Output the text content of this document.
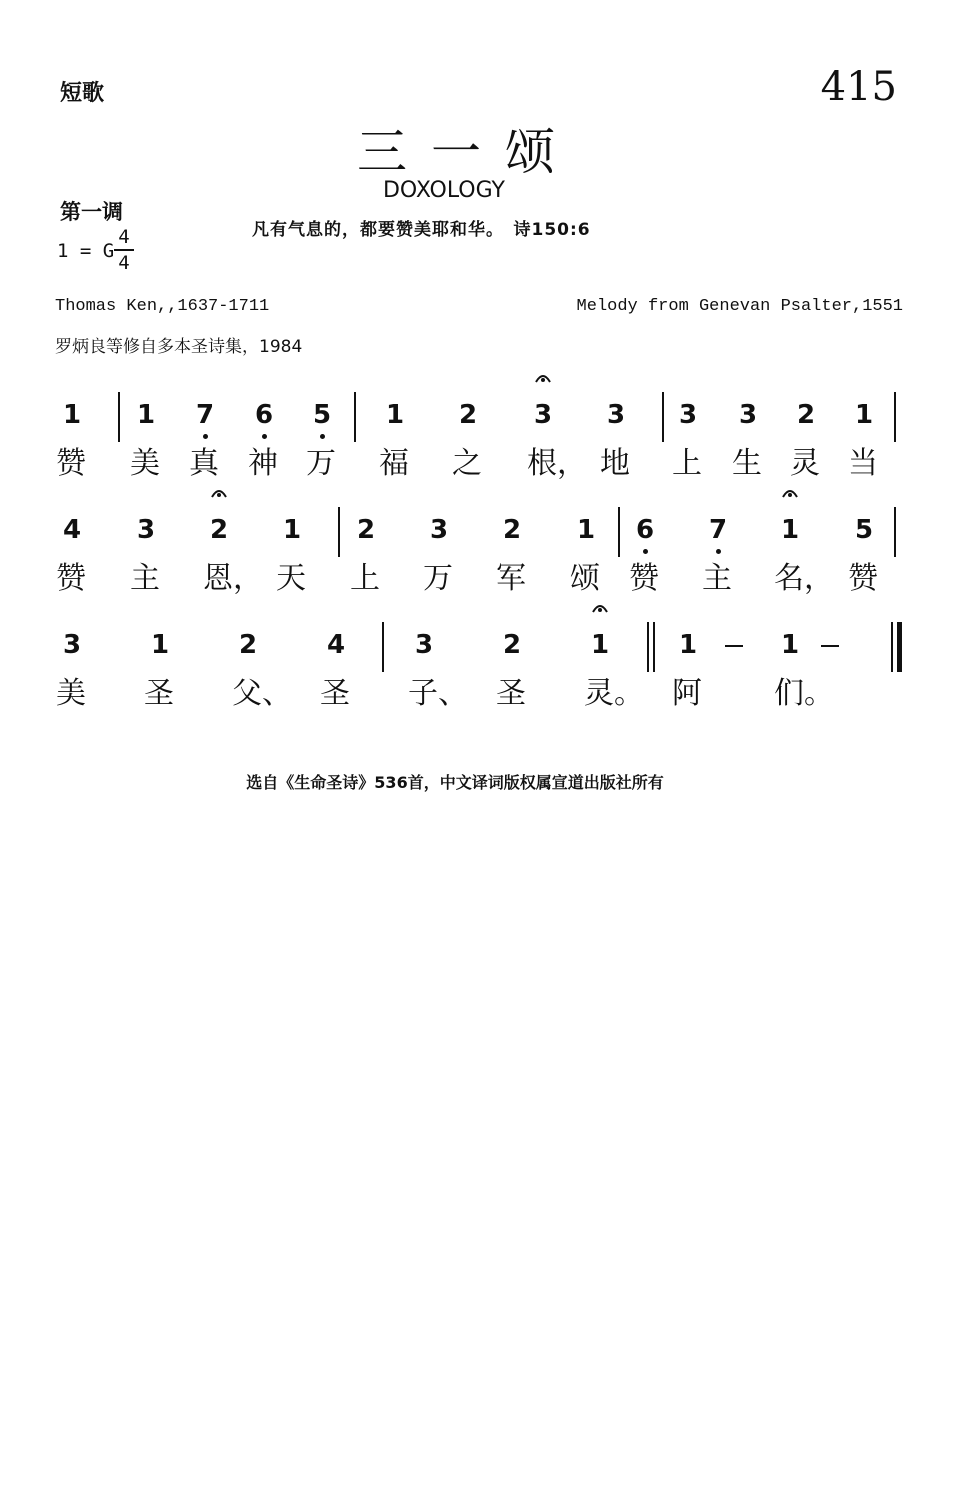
短歌	415
三一颂
DOXOLOGY
第一调
1 = G
4
4
凡有气息的，都要赞美耶和华。　诗150:6
Thomas Ken,,1637-1711	Melody from Genevan Psalter,1551
罗炳良等修自多本圣诗集，1984
1
赞
1
美
7
真
6
神
5
万
1
福
2
之
3
根，
3
地
3
上
3
生
2
灵
1
当
4
赞
3
主
2
恩，
1
天
2
上
3
万
2
军
1
颂
6
赞
7
主
1
名，
5
赞
3
美
1
圣
2
父、
4
圣
3
子、
2
圣
1
灵。
1
阿
1
们。
选自《生命圣诗》536首，中文译词版权属宣道出版社所有
